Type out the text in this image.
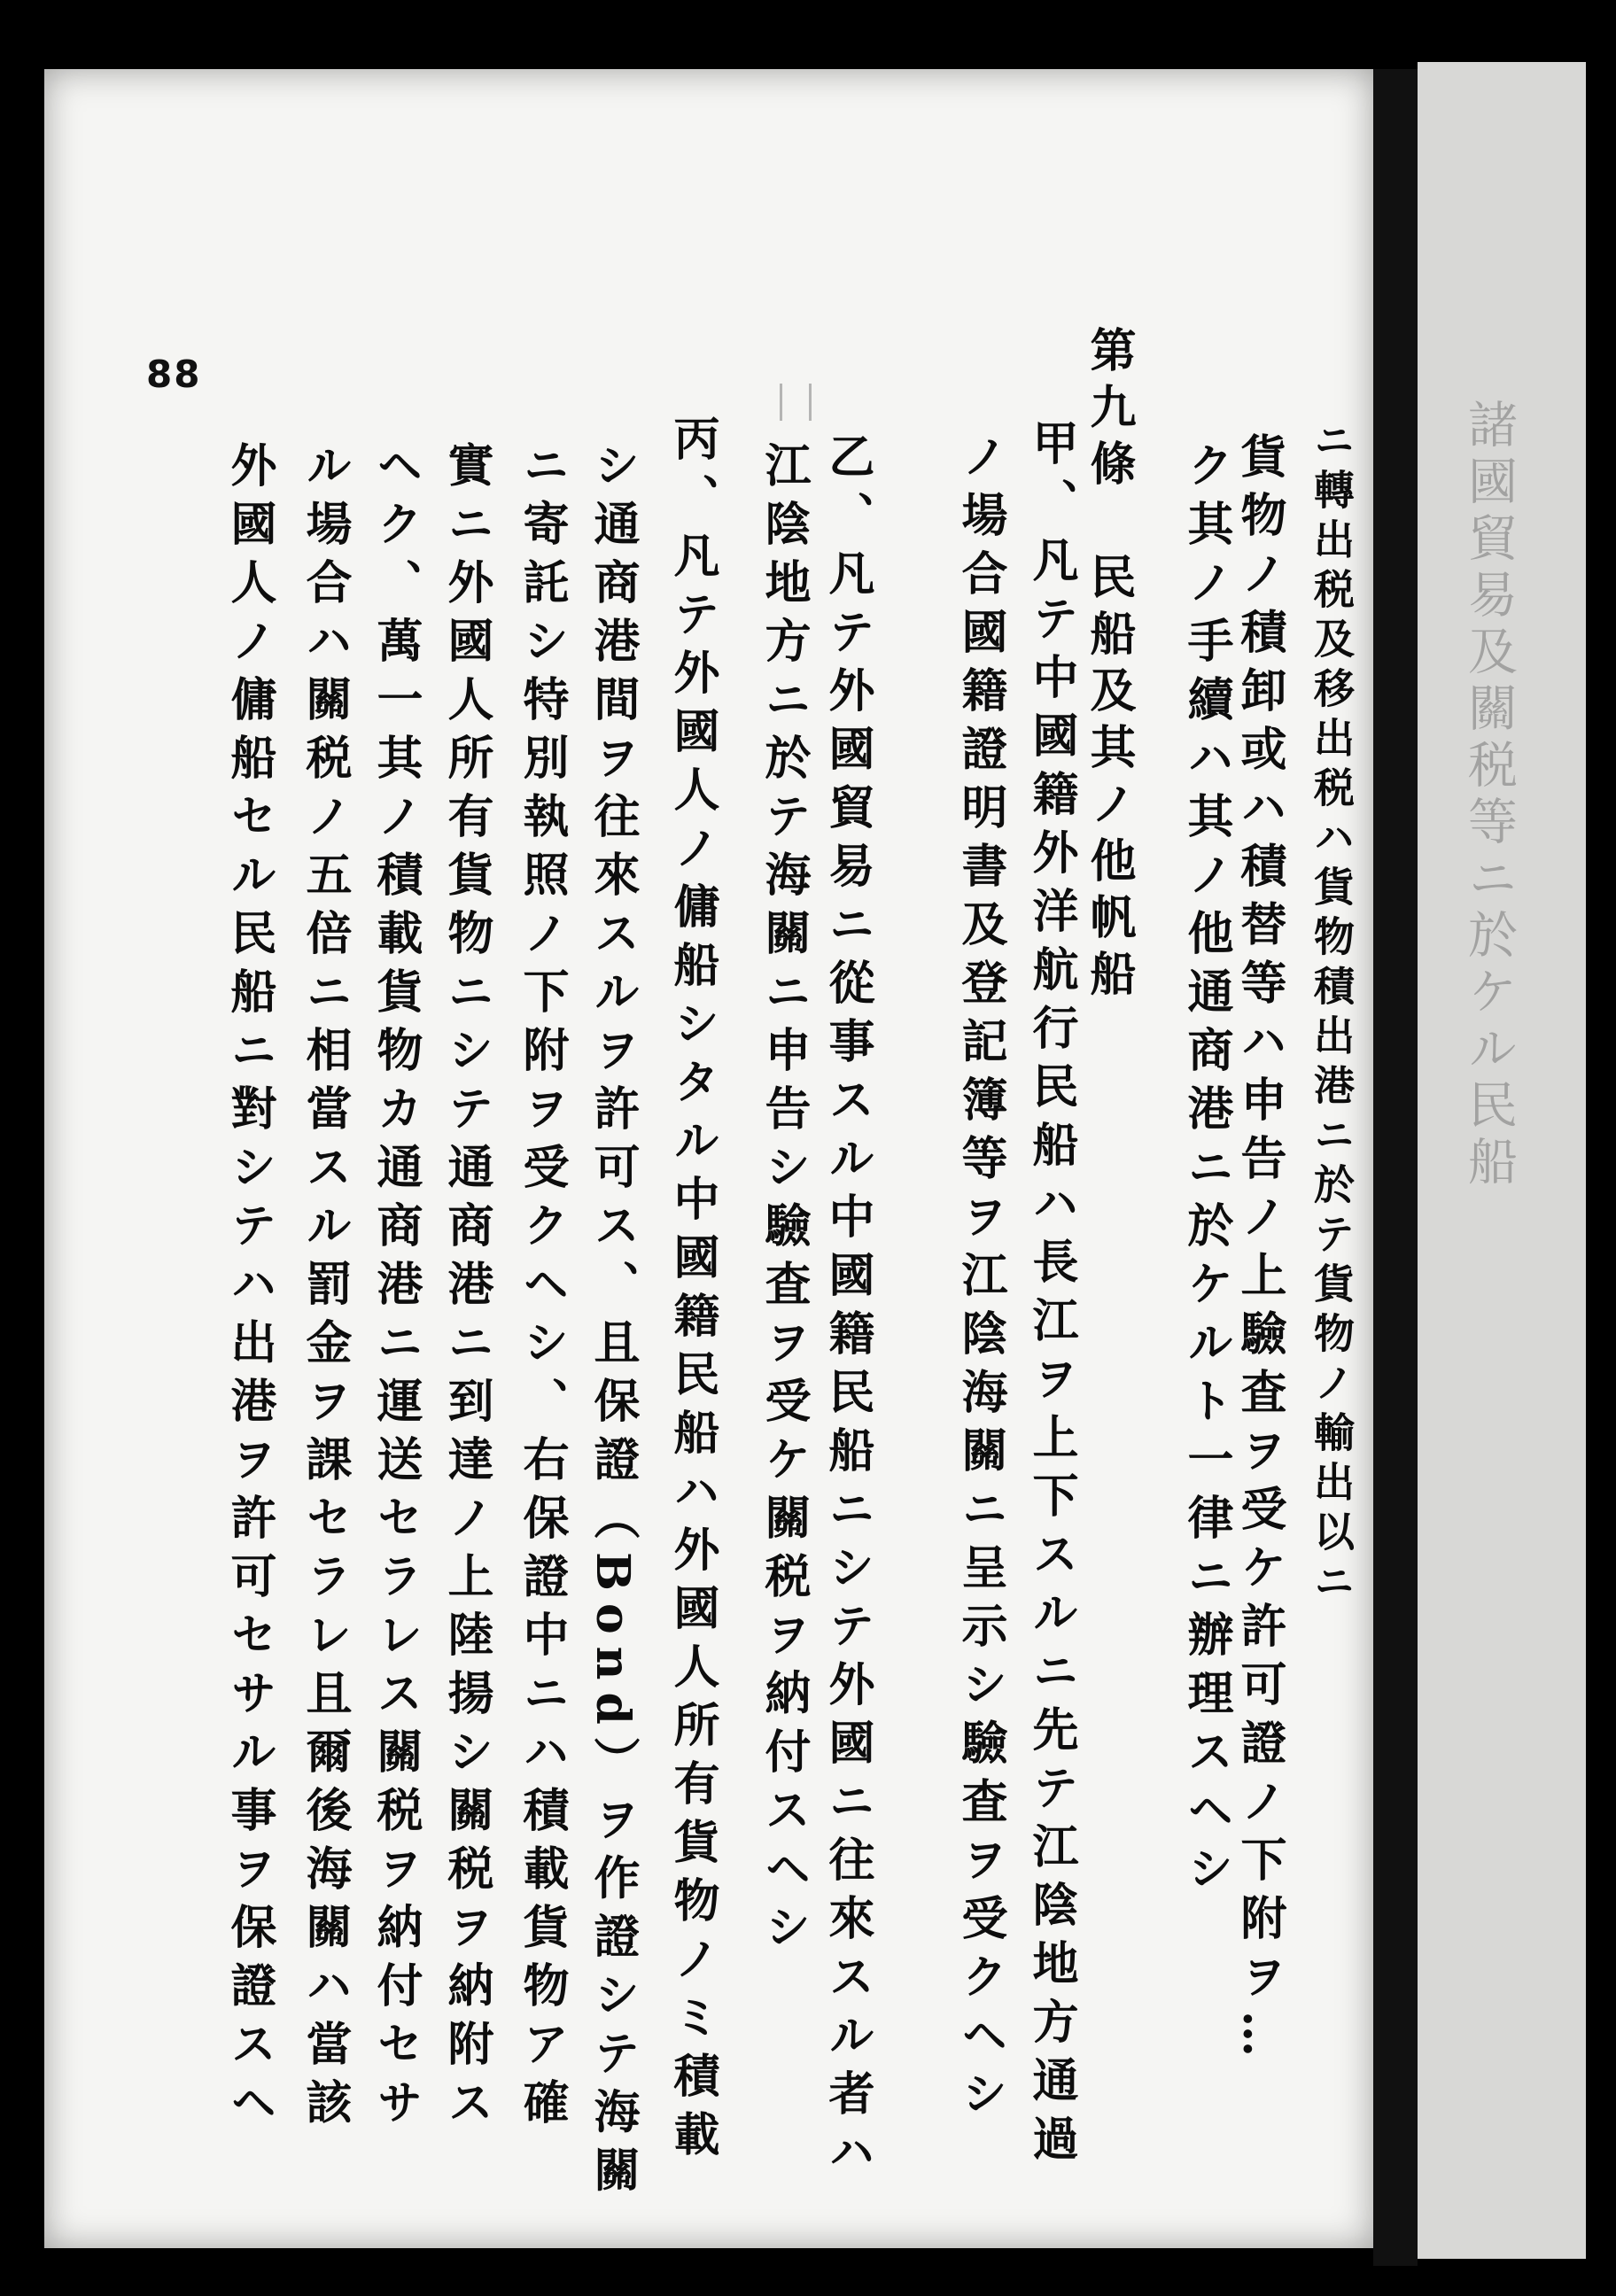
諸國貿易及關税等ニ於ケル民船
88
ニ轉出税及移出税ハ貨物積出港ニ於テ貨物ノ輸出以ニ
貨物ノ積卸或ハ積替等ハ申告ノ上驗査ヲ受ケ許可證ノ下附ヲ…
ク其ノ手續ハ其ノ他通商港ニ於ケルト一律ニ辦理スヘシ
第九條　民船及其ノ他帆船
甲、凡テ中國籍外洋航行民船ハ長江ヲ上下スルニ先テ江陰地方通過
ノ場合國籍證明書及登記簿等ヲ江陰海關ニ呈示シ驗査ヲ受クヘシ
乙、凡テ外國貿易ニ從事スル中國籍民船ニシテ外國ニ往來スル者ハ
江陰地方ニ於テ海關ニ申告シ驗査ヲ受ケ關税ヲ納付スヘシ
丙、凡テ外國人ノ傭船シタル中國籍民船ハ外國人所有貨物ノミ積載
シ通商港間ヲ往來スルヲ許可ス、且保證（Bond）ヲ作證シテ海關
ニ寄託シ特別執照ノ下附ヲ受クヘシ、右保證中ニハ積載貨物ア確
實ニ外國人所有貨物ニシテ通商港ニ到達ノ上陸揚シ關税ヲ納附ス
ヘク、萬一其ノ積載貨物カ通商港ニ運送セラレス關税ヲ納付セサ
ル場合ハ關税ノ五倍ニ相當スル罰金ヲ課セラレ且爾後海關ハ當該
外國人ノ傭船セル民船ニ對シテハ出港ヲ許可セサル事ヲ保證スヘ
